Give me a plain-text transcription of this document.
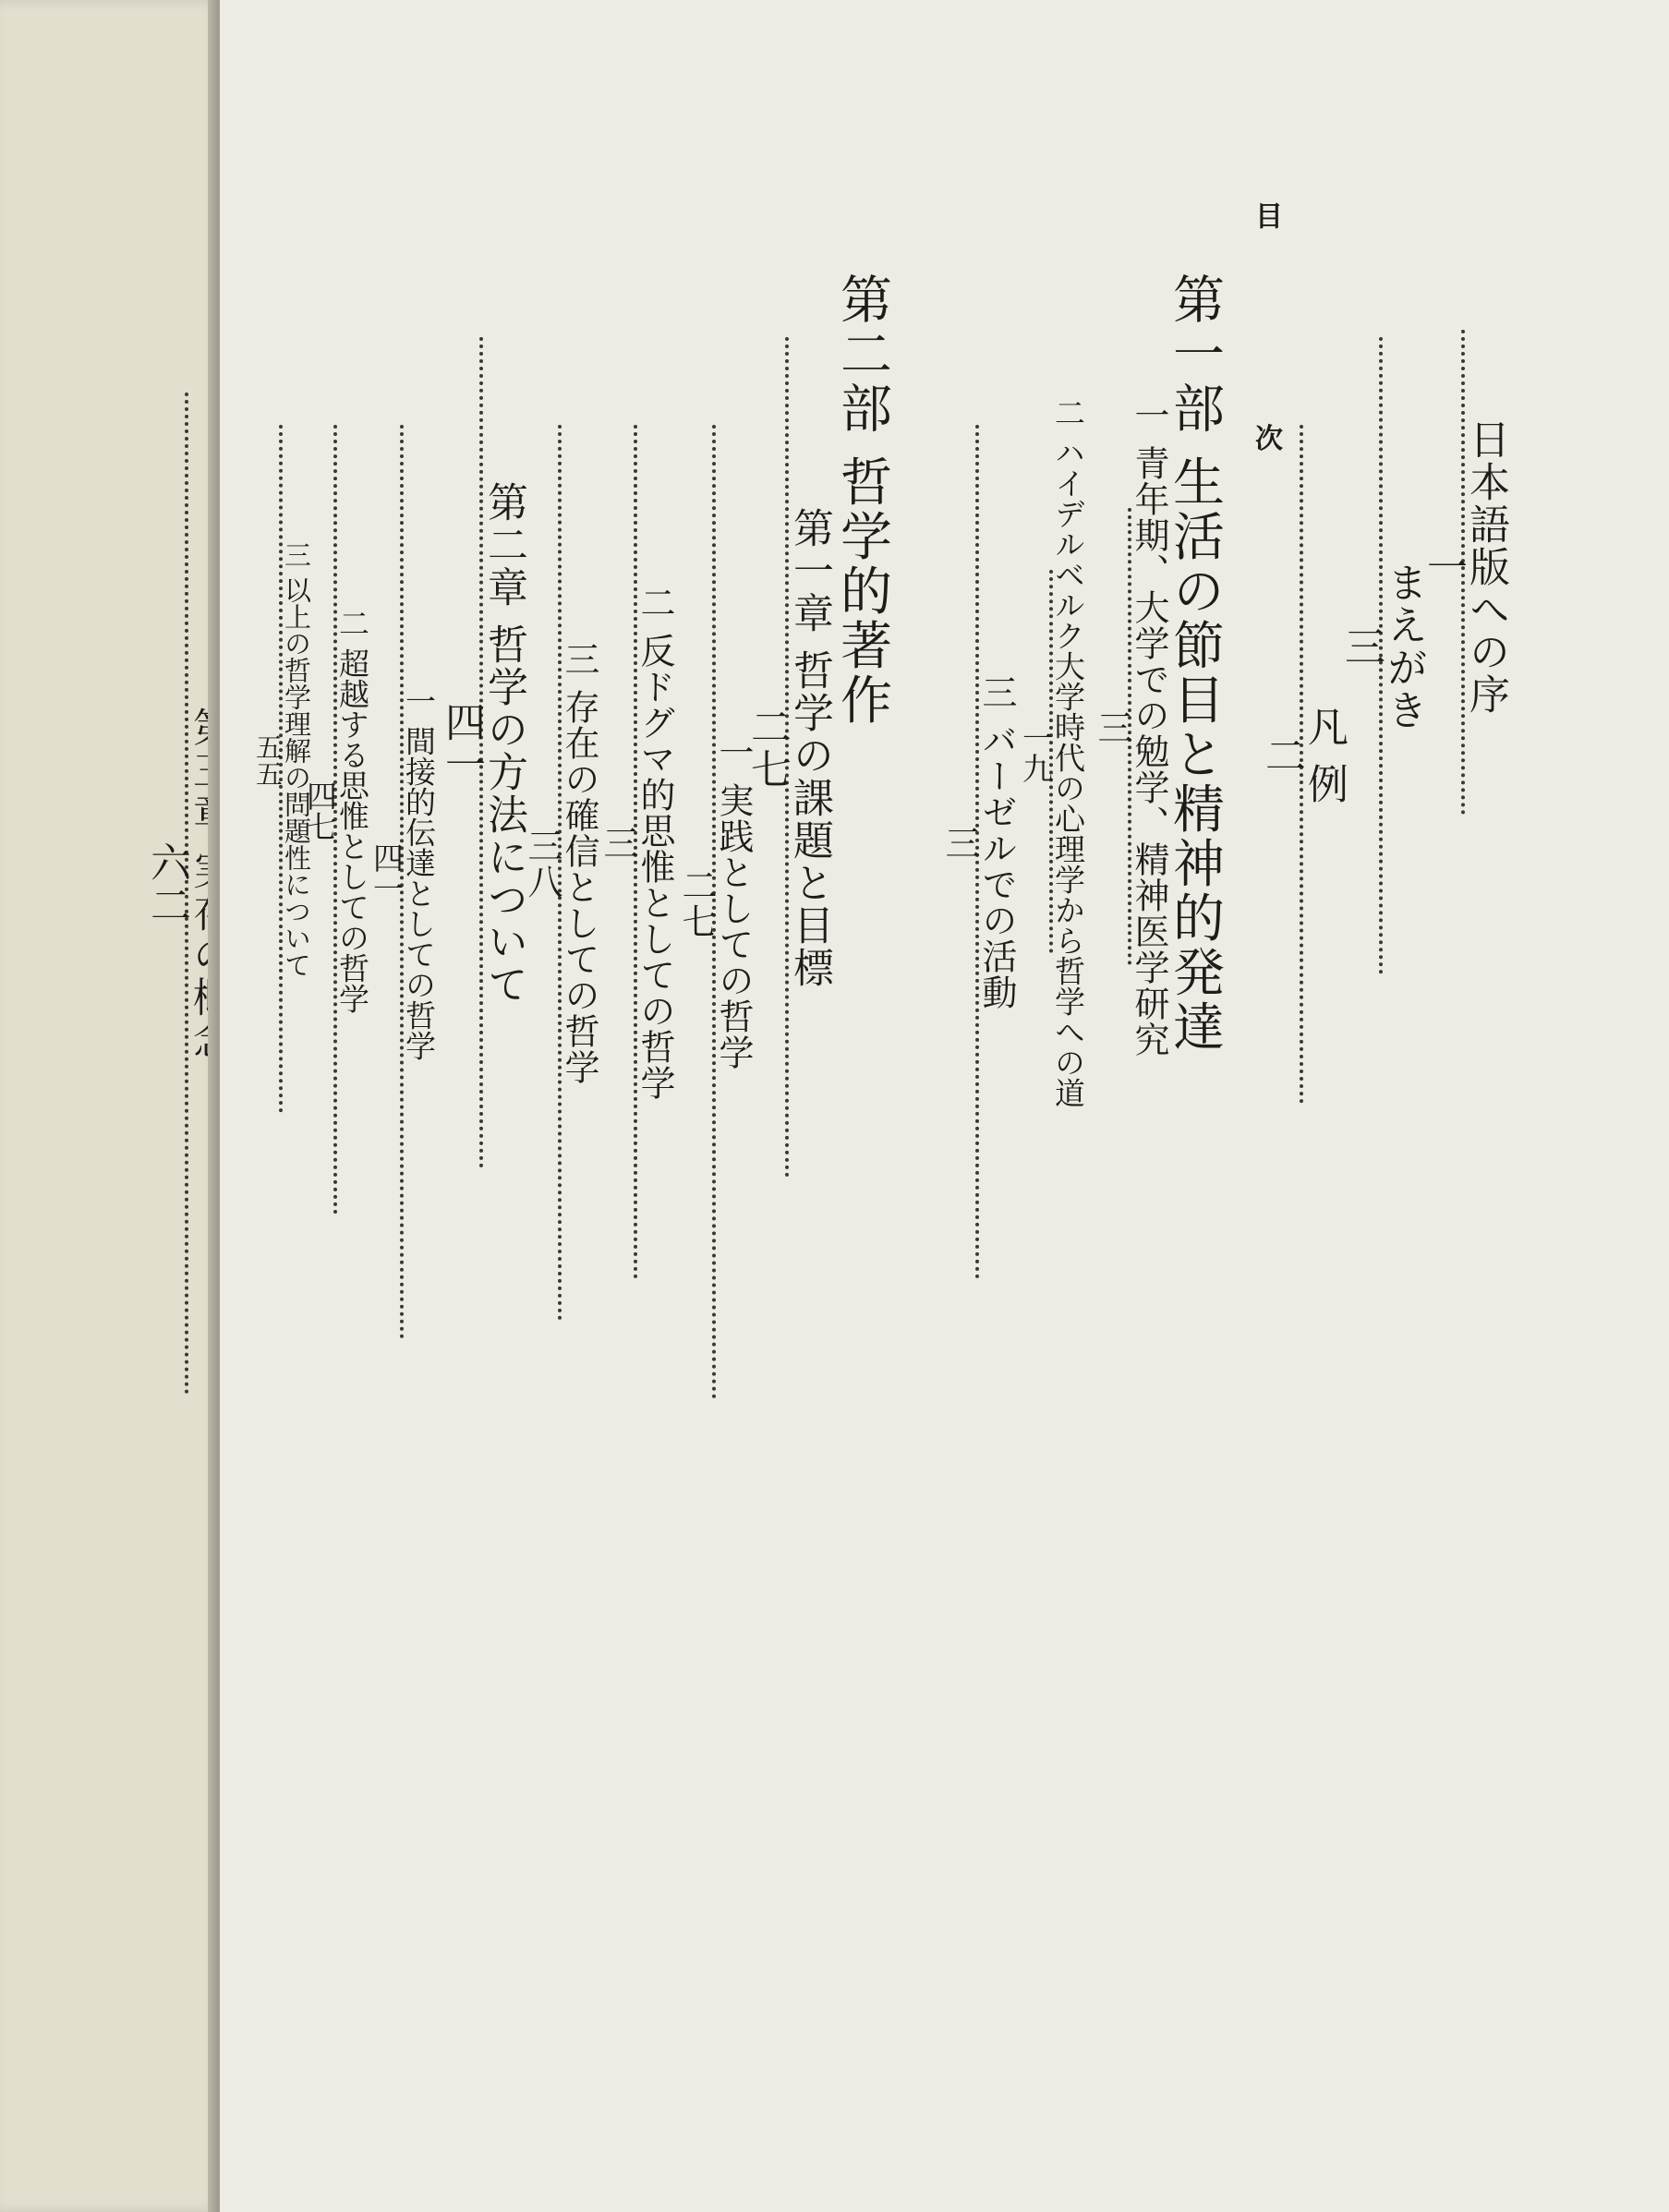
六二
目 次
日本語版への序
一
まえがき
三
凡 例
二
第一部 生活の節目と精神的発達
一 青年期、大学での勉学、精神医学研究
三
二 ハイデルベルク大学時代の心理学から哲学への道
一九
三 バーゼルでの活動
三
第二部 哲学的著作
第一章 哲学の課題と目標
二七
一 実践としての哲学
二七
二 反ドグマ的思惟としての哲学
三
三 存在の確信としての哲学
三八
第二章 哲学の方法について
四一
一 間接的伝達としての哲学
四一
二 超越する思惟としての哲学
四七
三 以上の哲学理解の問題性について
五五
